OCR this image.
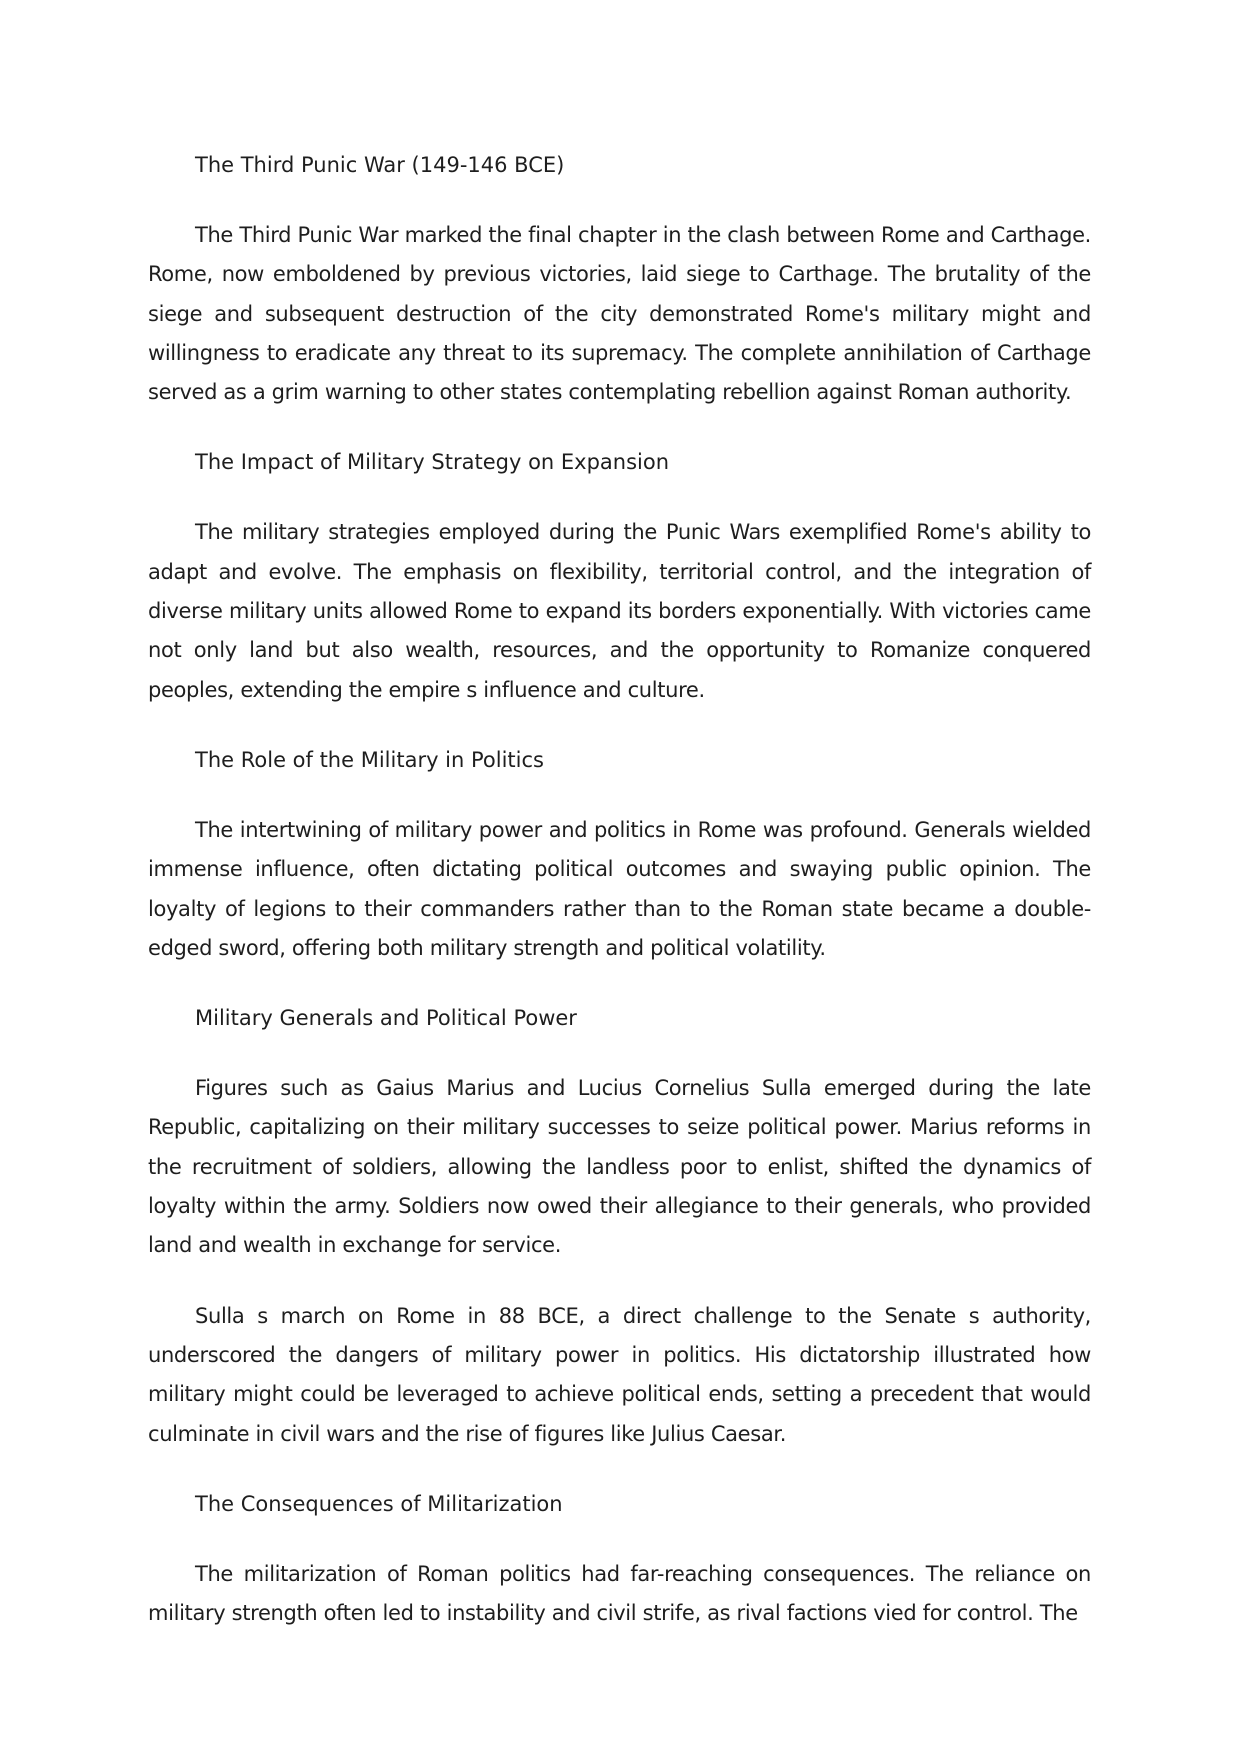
The Third Punic War (149-146 BCE)

The Third Punic War marked the final chapter in the clash between Rome and Carthage. Rome, now emboldened by previous victories, laid siege to Carthage. The brutality of the siege and subsequent destruction of the city demonstrated Rome's military might and willingness to eradicate any threat to its supremacy. The complete annihilation of Carthage served as a grim warning to other states contemplating rebellion against Roman authority.

The Impact of Military Strategy on Expansion

The military strategies employed during the Punic Wars exemplified Rome's ability to adapt and evolve. The emphasis on flexibility, territorial control, and the integration of diverse military units allowed Rome to expand its borders exponentially. With victories came not only land but also wealth, resources, and the opportunity to Romanize conquered peoples, extending the empire s influence and culture.

The Role of the Military in Politics

The intertwining of military power and politics in Rome was profound. Generals wielded immense influence, often dictating political outcomes and swaying public opinion. The loyalty of legions to their commanders rather than to the Roman state became a double-edged sword, offering both military strength and political volatility.

Military Generals and Political Power

Figures such as Gaius Marius and Lucius Cornelius Sulla emerged during the late Republic, capitalizing on their military successes to seize political power. Marius reforms in the recruitment of soldiers, allowing the landless poor to enlist, shifted the dynamics of loyalty within the army. Soldiers now owed their allegiance to their generals, who provided land and wealth in exchange for service.

Sulla s march on Rome in 88 BCE, a direct challenge to the Senate s authority, underscored the dangers of military power in politics. His dictatorship illustrated how military might could be leveraged to achieve political ends, setting a precedent that would culminate in civil wars and the rise of figures like Julius Caesar.

The Consequences of Militarization

The militarization of Roman politics had far-reaching consequences. The reliance on military strength often led to instability and civil strife, as rival factions vied for control. The
